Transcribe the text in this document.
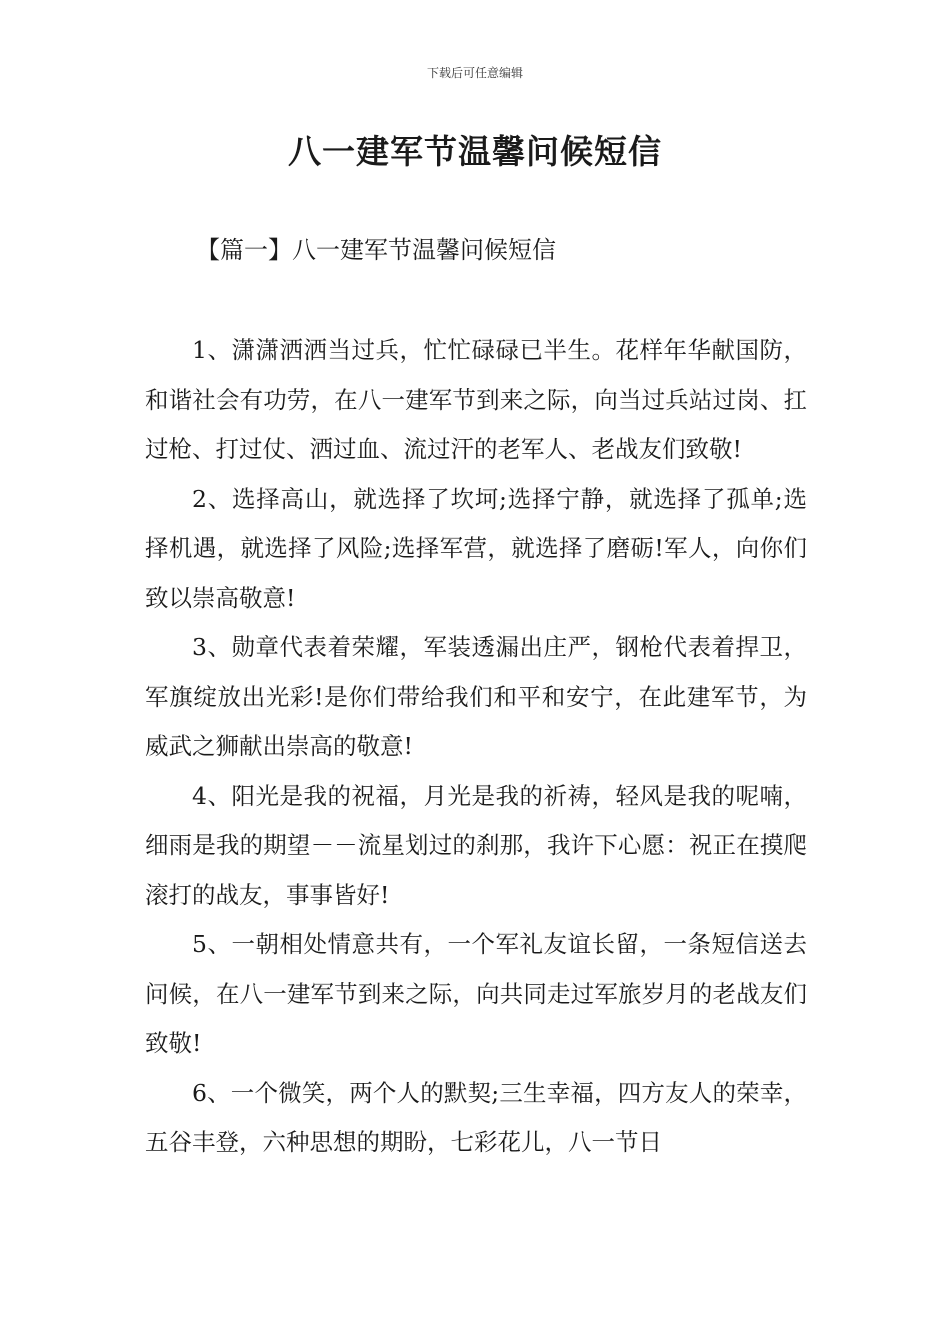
下载后可任意编辑
八一建军节温馨问候短信
【篇一】八一建军节温馨问候短信

1、潇潇洒洒当过兵，忙忙碌碌已半生。花样年华献国防，和谐社会有功劳，在八一建军节到来之际，向当过兵站过岗、扛过枪、打过仗、洒过血、流过汗的老军人、老战友们致敬!

2、选择高山，就选择了坎坷;选择宁静，就选择了孤单;选择机遇，就选择了风险;选择军营，就选择了磨砺!军人，向你们致以崇高敬意!

3、勋章代表着荣耀，军装透漏出庄严，钢枪代表着捍卫，军旗绽放出光彩!是你们带给我们和平和安宁，在此建军节，为威武之狮献出崇高的敬意!

4、阳光是我的祝福，月光是我的祈祷，轻风是我的呢喃，细雨是我的期望－－流星划过的刹那，我许下心愿：祝正在摸爬滚打的战友，事事皆好!

5、一朝相处情意共有，一个军礼友谊长留，一条短信送去问候，在八一建军节到来之际，向共同走过军旅岁月的老战友们致敬!

6、一个微笑，两个人的默契;三生幸福，四方友人的荣幸，五谷丰登，六种思想的期盼，七彩花儿，八一节日
